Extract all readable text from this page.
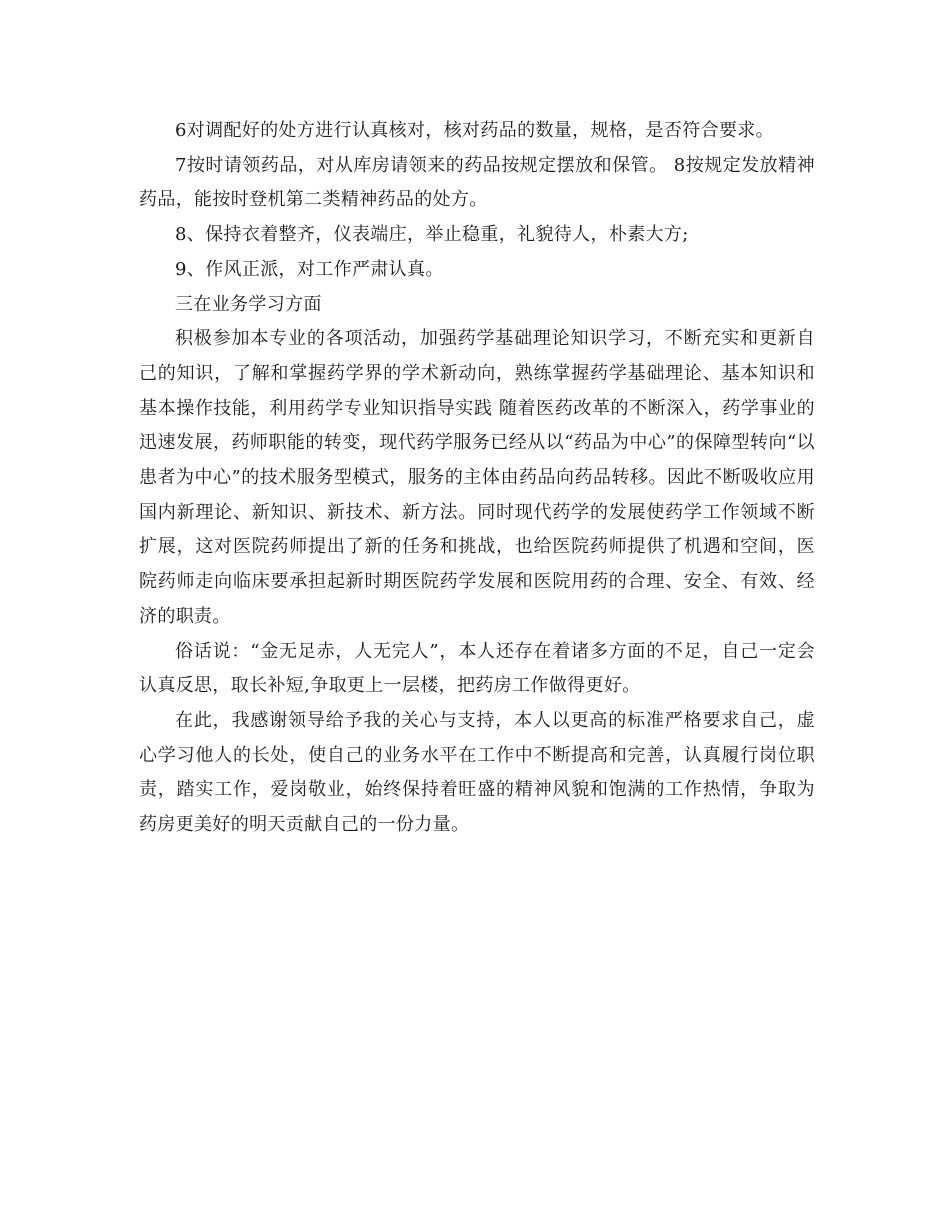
6对调配好的处方进行认真核对，核对药品的数量，规格，是否符合要求。

7按时请领药品，对从库房请领来的药品按规定摆放和保管。 8按规定发放精神药品，能按时登机第二类精神药品的处方。

8、保持衣着整齐，仪表端庄，举止稳重，礼貌待人，朴素大方;

9、作风正派，对工作严肃认真。

三在业务学习方面

积极参加本专业的各项活动，加强药学基础理论知识学习，不断充实和更新自己的知识，了解和掌握药学界的学术新动向，熟练掌握药学基础理论、基本知识和基本操作技能，利用药学专业知识指导实践 随着医药改革的不断深入，药学事业的迅速发展，药师职能的转变，现代药学服务已经从以“药品为中心”的保障型转向“以患者为中心”的技术服务型模式，服务的主体由药品向药品转移。因此不断吸收应用国内新理论、新知识、新技术、新方法。同时现代药学的发展使药学工作领域不断扩展，这对医院药师提出了新的任务和挑战，也给医院药师提供了机遇和空间，医院药师走向临床要承担起新时期医院药学发展和医院用药的合理、安全、有效、经济的职责。

俗话说：“金无足赤，人无完人”，本人还存在着诸多方面的不足，自己一定会认真反思，取长补短,争取更上一层楼，把药房工作做得更好。

在此，我感谢领导给予我的关心与支持，本人以更高的标准严格要求自己，虚心学习他人的长处，使自己的业务水平在工作中不断提高和完善，认真履行岗位职责，踏实工作，爱岗敬业，始终保持着旺盛的精神风貌和饱满的工作热情，争取为药房更美好的明天贡献自己的一份力量。
